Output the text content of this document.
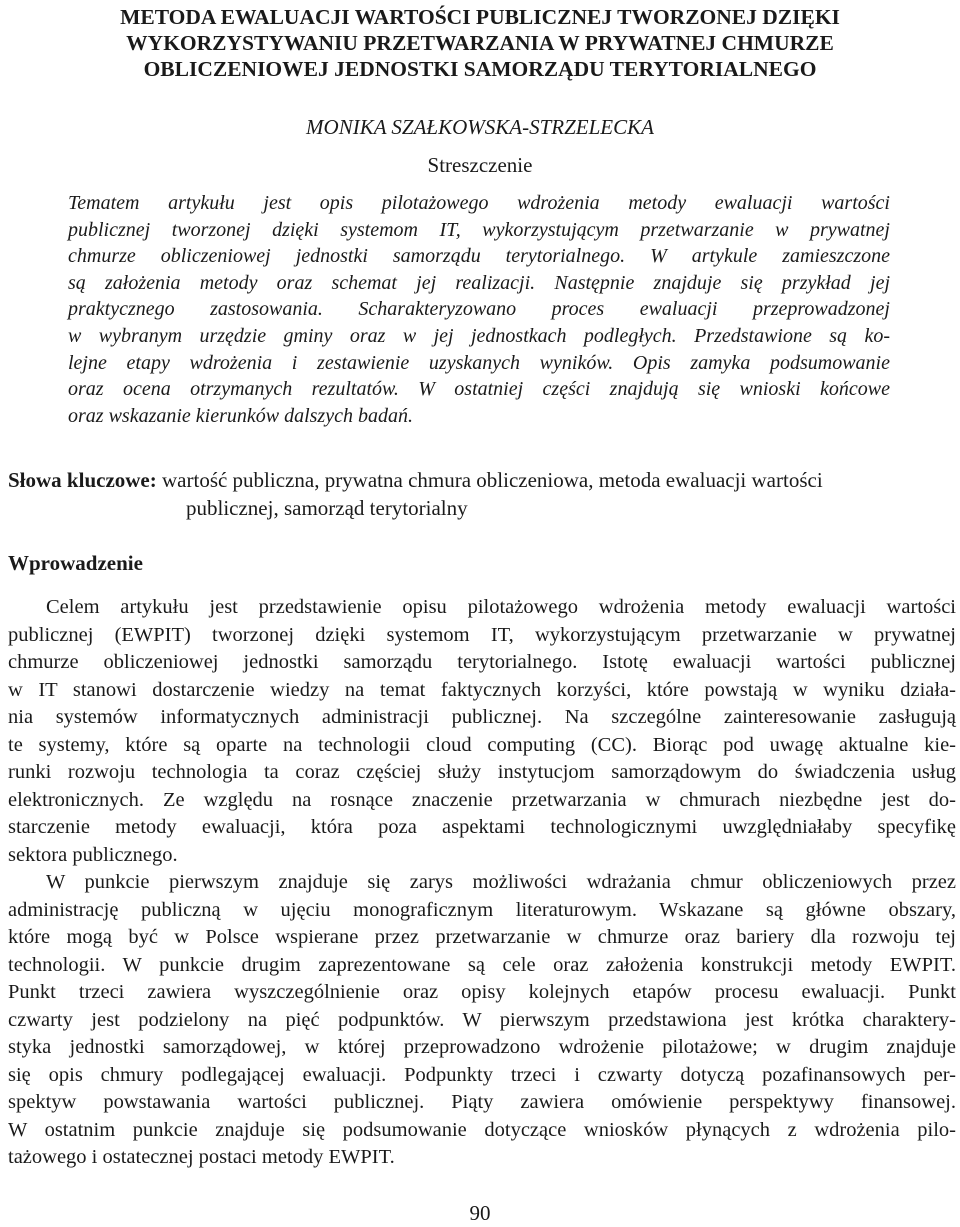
METODA EWALUACJI WARTOŚCI PUBLICZNEJ TWORZONEJ DZIĘKI
WYKORZYSTYWANIU PRZETWARZANIA W PRYWATNEJ CHMURZE
OBLICZENIOWEJ JEDNOSTKI SAMORZĄDU TERYTORIALNEGO
MONIKA SZAŁKOWSKA-STRZELECKA
Streszczenie
Tematem artykułu jest opis pilotażowego wdrożenia metody ewaluacji wartości
publicznej tworzonej dzięki systemom IT, wykorzystującym przetwarzanie w prywatnej
chmurze obliczeniowej jednostki samorządu terytorialnego. W artykule zamieszczone
są założenia metody oraz schemat jej realizacji. Następnie znajduje się przykład jej
praktycznego zastosowania. Scharakteryzowano proces ewaluacji przeprowadzonej
w wybranym urzędzie gminy oraz w jej jednostkach podległych. Przedstawione są ko-
lejne etapy wdrożenia i zestawienie uzyskanych wyników. Opis zamyka podsumowanie
oraz ocena otrzymanych rezultatów. W ostatniej części znajdują się wnioski końcowe
oraz wskazanie kierunków dalszych badań.
Słowa kluczowe: wartość publiczna, prywatna chmura obliczeniowa, metoda ewaluacji wartości
publicznej, samorząd terytorialny
Wprowadzenie
Celem artykułu jest przedstawienie opisu pilotażowego wdrożenia metody ewaluacji wartości
publicznej (EWPIT) tworzonej dzięki systemom IT, wykorzystującym przetwarzanie w prywatnej
chmurze obliczeniowej jednostki samorządu terytorialnego. Istotę ewaluacji wartości publicznej
w IT stanowi dostarczenie wiedzy na temat faktycznych korzyści, które powstają w wyniku działa-
nia systemów informatycznych administracji publicznej. Na szczególne zainteresowanie zasługują
te systemy, które są oparte na technologii cloud computing (CC). Biorąc pod uwagę aktualne kie-
runki rozwoju technologia ta coraz częściej służy instytucjom samorządowym do świadczenia usług
elektronicznych. Ze względu na rosnące znaczenie przetwarzania w chmurach niezbędne jest do-
starczenie metody ewaluacji, która poza aspektami technologicznymi uwzględniałaby specyfikę
sektora publicznego.
W punkcie pierwszym znajduje się zarys możliwości wdrażania chmur obliczeniowych przez
administrację publiczną w ujęciu monograficznym literaturowym. Wskazane są główne obszary,
które mogą być w Polsce wspierane przez przetwarzanie w chmurze oraz bariery dla rozwoju tej
technologii. W punkcie drugim zaprezentowane są cele oraz założenia konstrukcji metody EWPIT.
Punkt trzeci zawiera wyszczególnienie oraz opisy kolejnych etapów procesu ewaluacji. Punkt
czwarty jest podzielony na pięć podpunktów. W pierwszym przedstawiona jest krótka charaktery-
styka jednostki samorządowej, w której przeprowadzono wdrożenie pilotażowe; w drugim znajduje
się opis chmury podlegającej ewaluacji. Podpunkty trzeci i czwarty dotyczą pozafinansowych per-
spektyw powstawania wartości publicznej. Piąty zawiera omówienie perspektywy finansowej.
W ostatnim punkcie znajduje się podsumowanie dotyczące wniosków płynących z wdrożenia pilo-
tażowego i ostatecznej postaci metody EWPIT.
90
